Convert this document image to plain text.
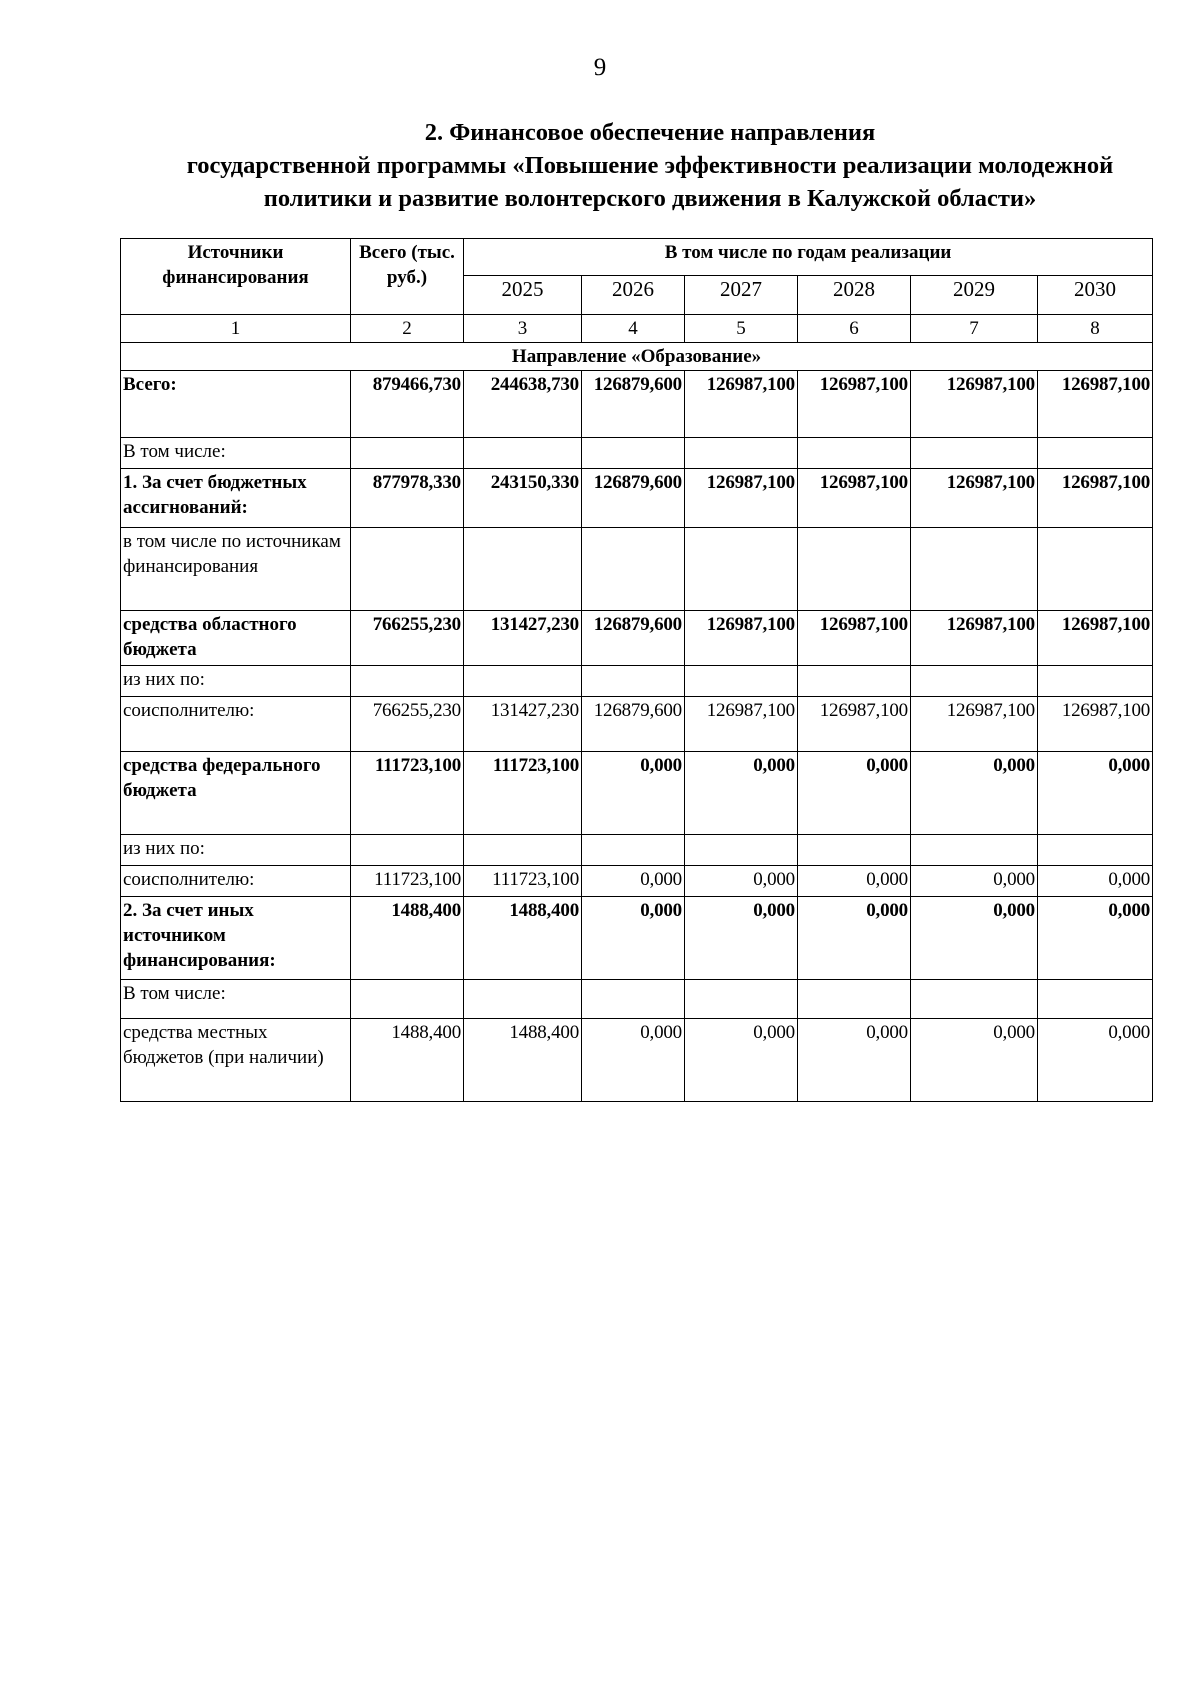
9
2. Финансовое обеспечение направления
государственной программы «Повышение эффективности реализации молодежной
политики и развитие волонтерского движения в Калужской области»
Источники финансирования	Всего (тыс. руб.)	В том числе по годам реализации					
		2025	2026	2027	2028	2029	2030
1	2	3	4	5	6	7	8
Направление «Образование»							
Всего:	879466,730	244638,730	126879,600	126987,100	126987,100	126987,100	126987,100
В том числе:							
1. За счет бюджетных ассигнований:	877978,330	243150,330	126879,600	126987,100	126987,100	126987,100	126987,100
в том числе по источникам финансирования							
средства областного бюджета	766255,230	131427,230	126879,600	126987,100	126987,100	126987,100	126987,100
из них по:							
соисполнителю:	766255,230	131427,230	126879,600	126987,100	126987,100	126987,100	126987,100
средства федерального бюджета	111723,100	111723,100	0,000	0,000	0,000	0,000	0,000
из них по:							
соисполнителю:	111723,100	111723,100	0,000	0,000	0,000	0,000	0,000
2. За счет иных источником финансирования:	1488,400	1488,400	0,000	0,000	0,000	0,000	0,000
В том числе:							
средства местных бюджетов (при наличии)	1488,400	1488,400	0,000	0,000	0,000	0,000	0,000
